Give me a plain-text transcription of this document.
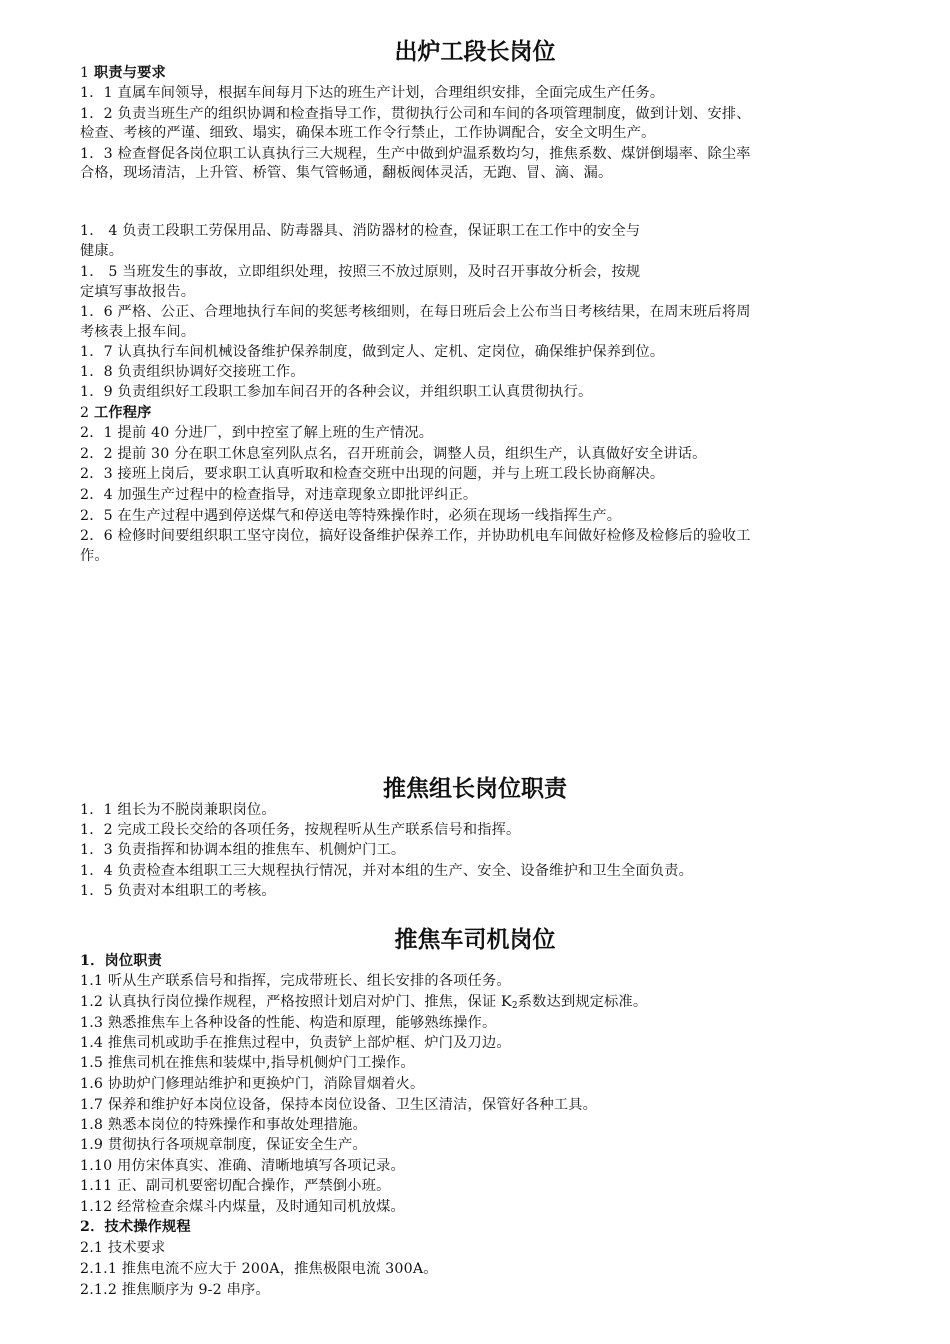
出炉工段长岗位
1 职责与要求
1．1 直属车间领导，根据车间每月下达的班生产计划，合理组织安排，全面完成生产任务。
1．2 负责当班生产的组织协调和检查指导工作，贯彻执行公司和车间的各项管理制度，做到计划、安排、
检查、考核的严谨、细致、塌实，确保本班工作令行禁止，工作协调配合，安全文明生产。
1．3 检查督促各岗位职工认真执行三大规程，生产中做到炉温系数均匀，推焦系数、煤饼倒塌率、除尘率
合格，现场清洁，上升管、桥管、集气管畅通，翻板阀体灵活，无跑、冒、滴、漏。
1． 4 负责工段职工劳保用品、防毒器具、消防器材的检查，保证职工在工作中的安全与
健康。
1． 5 当班发生的事故，立即组织处理，按照三不放过原则，及时召开事故分析会，按规
定填写事故报告。
1．6 严格、公正、合理地执行车间的奖惩考核细则，在每日班后会上公布当日考核结果，在周末班后将周
考核表上报车间。
1．7 认真执行车间机械设备维护保养制度，做到定人、定机、定岗位，确保维护保养到位。
1．8 负责组织协调好交接班工作。
1．9 负责组织好工段职工参加车间召开的各种会议，并组织职工认真贯彻执行。
2 工作程序
2．1 提前 40 分进厂，到中控室了解上班的生产情况。
2．2 提前 30 分在职工休息室列队点名，召开班前会，调整人员，组织生产，认真做好安全讲话。
2．3 接班上岗后，要求职工认真听取和检查交班中出现的问题，并与上班工段长协商解决。
2．4 加强生产过程中的检查指导，对违章现象立即批评纠正。
2．5 在生产过程中遇到停送煤气和停送电等特殊操作时，必须在现场一线指挥生产。
2．6 检修时间要组织职工坚守岗位，搞好设备维护保养工作，并协助机电车间做好检修及检修后的验收工
作。
推焦组长岗位职责
1．1 组长为不脱岗兼职岗位。
1．2 完成工段长交给的各项任务，按规程听从生产联系信号和指挥。
1．3 负责指挥和协调本组的推焦车、机侧炉门工。
1．4 负责检查本组职工三大规程执行情况，并对本组的生产、安全、设备维护和卫生全面负责。
1．5 负责对本组职工的考核。
推焦车司机岗位
1．岗位职责
1.1 听从生产联系信号和指挥，完成带班长、组长安排的各项任务。
1.2 认真执行岗位操作规程，严格按照计划启对炉门、推焦，保证 $K_2$系数达到规定标准。
1.3 熟悉推焦车上各种设备的性能、构造和原理，能够熟练操作。
1.4 推焦司机或助手在推焦过程中，负责铲上部炉框、炉门及刀边。
1.5 推焦司机在推焦和装煤中,指导机侧炉门工操作。
1.6 协助炉门修理站维护和更换炉门，消除冒烟着火。
1.7 保养和维护好本岗位设备，保持本岗位设备、卫生区清洁，保管好各种工具。
1.8 熟悉本岗位的特殊操作和事故处理措施。
1.9 贯彻执行各项规章制度，保证安全生产。
1.10 用仿宋体真实、准确、清晰地填写各项记录。
1.11 正、副司机要密切配合操作，严禁倒小班。
1.12 经常检查余煤斗内煤量，及时通知司机放煤。
2．技术操作规程
2.1 技术要求
2.1.1 推焦电流不应大于 200A，推焦极限电流 300A。
2.1.2 推焦顺序为 9-2 串序。
